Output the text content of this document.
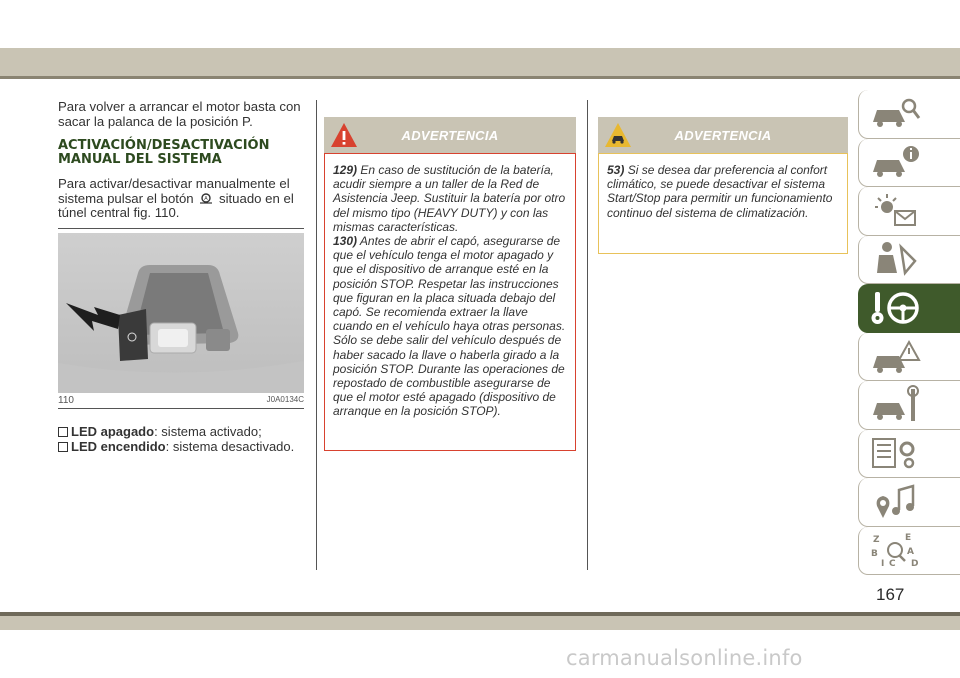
Para volver a arrancar el motor basta con sacar la palanca de la posición P.

ACTIVACIÓN/DESACTIVACIÓN MANUAL DEL SISTEMA

Para activar/desactivar manualmente el sistema pulsar el botón A situado en el túnel central fig. 110.

110	J0A0134C
LED apagado : sistema activado;
LED encendido : sistema desactivado.
ADVERTENCIA

129) En caso de sustitución de la batería, acudir siempre a un taller de la Red de Asistencia Jeep. Sustituir la batería por otro del mismo tipo (HEAVY DUTY) y con las mismas características.

130) Antes de abrir el capó, asegurarse de que el vehículo tenga el motor apagado y que el dispositivo de arranque esté en la posición STOP. Respetar las instrucciones que figuran en la placa situada debajo del capó. Se recomienda extraer la llave cuando en el vehículo haya otras personas. Sólo se debe salir del vehículo después de haber sacado la llave o haberla girado a la posición STOP. Durante las operaciones de repostado de combustible asegurarse de que el motor esté apagado (dispositivo de arranque en la posición STOP).

ADVERTENCIA

53) Si se desea dar preferencia al confort climático, se puede desactivar el sistema Start/Stop para permitir un funcionamiento continuo del sistema de climatización.

Z	E
B	A
I C D
167
carmanualsonline.info
